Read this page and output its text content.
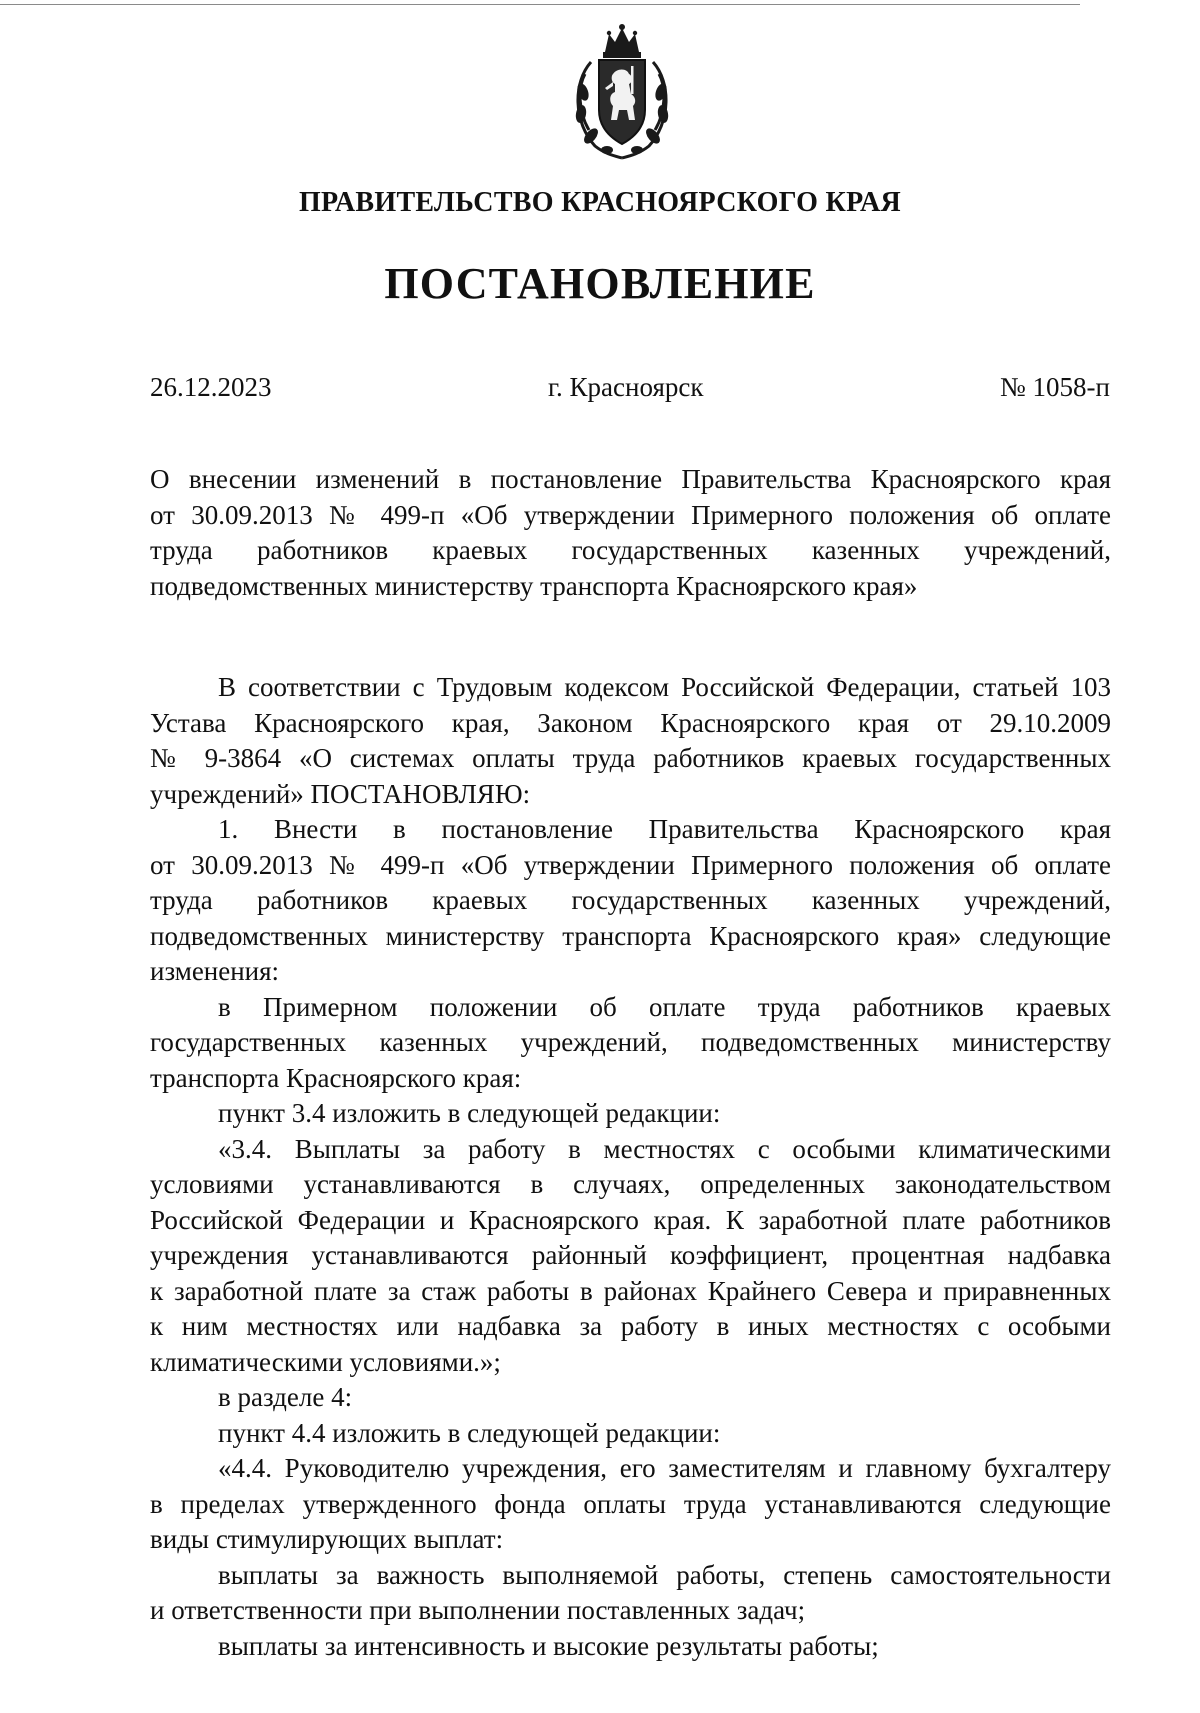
ПРАВИТЕЛЬСТВО КРАСНОЯРСКОГО КРАЯ
ПОСТАНОВЛЕНИЕ
26.12.2023	г. Красноярск	№ 1058-п
О внесении изменений в постановление Правительства Красноярского края
от 30.09.2013 № 499-п «Об утверждении Примерного положения об оплате
труда работников краевых государственных казенных учреждений,
подведомственных министерству транспорта Красноярского края»
В соответствии с Трудовым кодексом Российской Федерации, статьей 103
Устава Красноярского края, Законом Красноярского края от 29.10.2009
№ 9-3864 «О системах оплаты труда работников краевых государственных
учреждений» ПОСТАНОВЛЯЮ:
1. Внести в постановление Правительства Красноярского края
от 30.09.2013 № 499-п «Об утверждении Примерного положения об оплате
труда работников краевых государственных казенных учреждений,
подведомственных министерству транспорта Красноярского края» следующие
изменения:
в Примерном положении об оплате труда работников краевых
государственных казенных учреждений, подведомственных министерству
транспорта Красноярского края:
пункт 3.4 изложить в следующей редакции:
«3.4. Выплаты за работу в местностях с особыми климатическими
условиями устанавливаются в случаях, определенных законодательством
Российской Федерации и Красноярского края. К заработной плате работников
учреждения устанавливаются районный коэффициент, процентная надбавка
к заработной плате за стаж работы в районах Крайнего Севера и приравненных
к ним местностях или надбавка за работу в иных местностях с особыми
климатическими условиями.»;
в разделе 4:
пункт 4.4 изложить в следующей редакции:
«4.4. Руководителю учреждения, его заместителям и главному бухгалтеру
в пределах утвержденного фонда оплаты труда устанавливаются следующие
виды стимулирующих выплат:
выплаты за важность выполняемой работы, степень самостоятельности
и ответственности при выполнении поставленных задач;
выплаты за интенсивность и высокие результаты работы;
